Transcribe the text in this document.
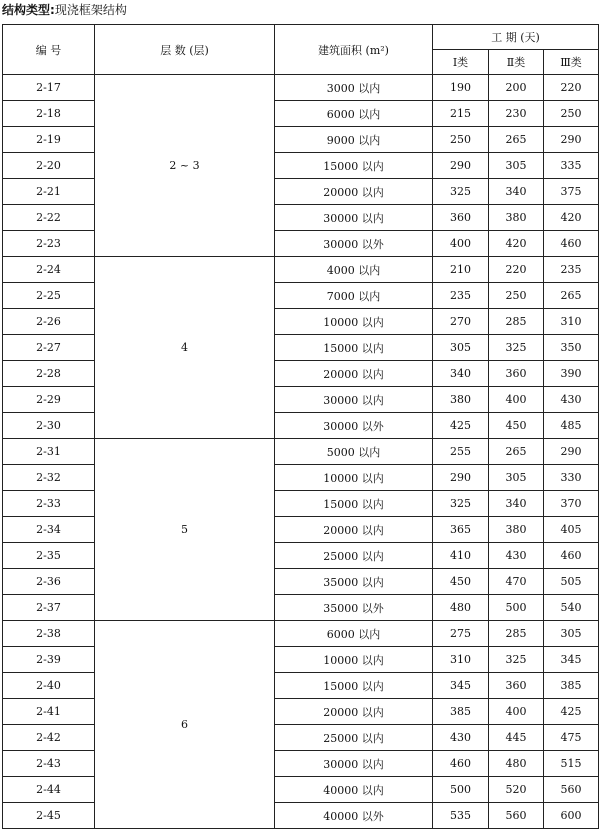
结构类型:现浇框架结构
编 号	层 数 (层)	建筑面积 (m²)	工 期 (天)		
			Ⅰ类	Ⅱ类	Ⅲ类
2-17	2 ~ 3	3000 以内	190	200	220
2-18		6000 以内	215	230	250
2-19		9000 以内	250	265	290
2-20		15000 以内	290	305	335
2-21		20000 以内	325	340	375
2-22		30000 以内	360	380	420
2-23		30000 以外	400	420	460
2-24	4	4000 以内	210	220	235
2-25		7000 以内	235	250	265
2-26		10000 以内	270	285	310
2-27		15000 以内	305	325	350
2-28		20000 以内	340	360	390
2-29		30000 以内	380	400	430
2-30		30000 以外	425	450	485
2-31	5	5000 以内	255	265	290
2-32		10000 以内	290	305	330
2-33		15000 以内	325	340	370
2-34		20000 以内	365	380	405
2-35		25000 以内	410	430	460
2-36		35000 以内	450	470	505
2-37		35000 以外	480	500	540
2-38	6	6000 以内	275	285	305
2-39		10000 以内	310	325	345
2-40		15000 以内	345	360	385
2-41		20000 以内	385	400	425
2-42		25000 以内	430	445	475
2-43		30000 以内	460	480	515
2-44		40000 以内	500	520	560
2-45		40000 以外	535	560	600
